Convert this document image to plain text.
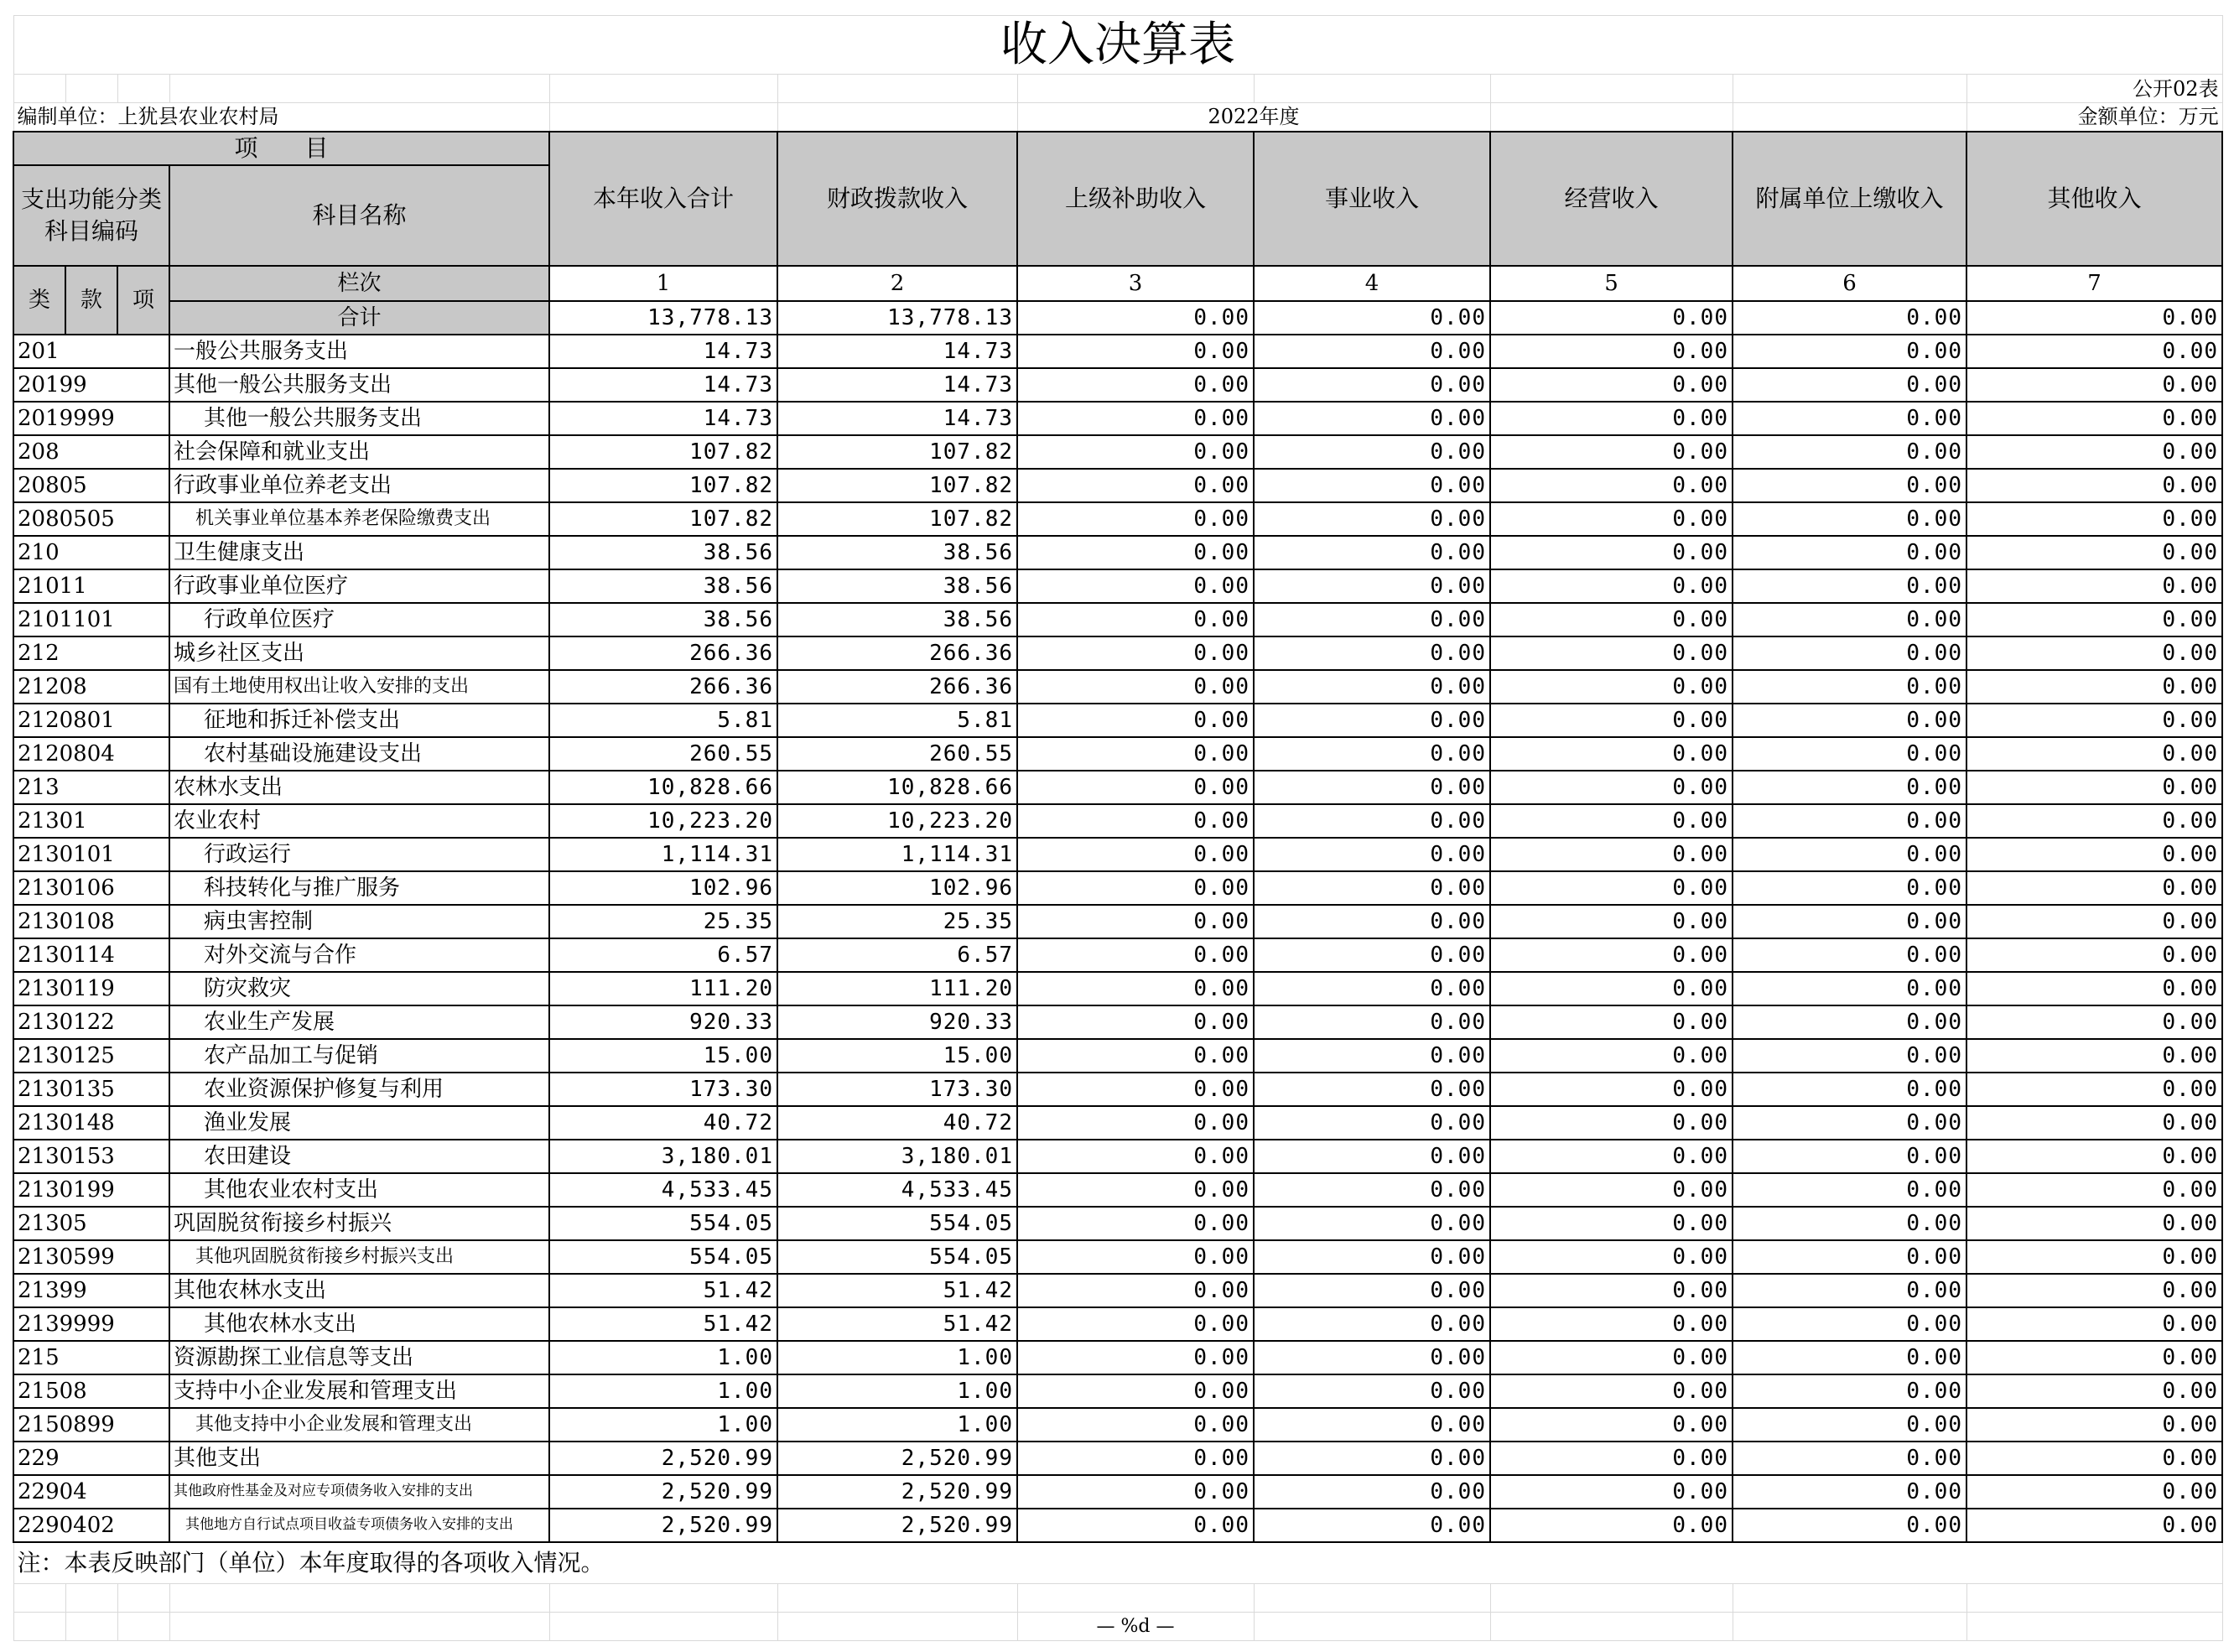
收入决算表										
										公开02表
编制单位：上犹县农业农村局						2022年度				金额单位：万元
项　　目				本年收入合计	财政拨款收入	上级补助收入	事业收入	经营收入	附属单位上缴收入	其他收入
支出功能分类科目编码			科目名称							
类	款	项	栏次	1	2	3	4	5	6	7
			合计	13,778.13	13,778.13	0.00	0.00	0.00	0.00	0.00
201			一般公共服务支出	14.73	14.73	0.00	0.00	0.00	0.00	0.00
20199			其他一般公共服务支出	14.73	14.73	0.00	0.00	0.00	0.00	0.00
2019999			其他一般公共服务支出	14.73	14.73	0.00	0.00	0.00	0.00	0.00
208			社会保障和就业支出	107.82	107.82	0.00	0.00	0.00	0.00	0.00
20805			行政事业单位养老支出	107.82	107.82	0.00	0.00	0.00	0.00	0.00
2080505			机关事业单位基本养老保险缴费支出	107.82	107.82	0.00	0.00	0.00	0.00	0.00
210			卫生健康支出	38.56	38.56	0.00	0.00	0.00	0.00	0.00
21011			行政事业单位医疗	38.56	38.56	0.00	0.00	0.00	0.00	0.00
2101101			行政单位医疗	38.56	38.56	0.00	0.00	0.00	0.00	0.00
212			城乡社区支出	266.36	266.36	0.00	0.00	0.00	0.00	0.00
21208			国有土地使用权出让收入安排的支出	266.36	266.36	0.00	0.00	0.00	0.00	0.00
2120801			征地和拆迁补偿支出	5.81	5.81	0.00	0.00	0.00	0.00	0.00
2120804			农村基础设施建设支出	260.55	260.55	0.00	0.00	0.00	0.00	0.00
213			农林水支出	10,828.66	10,828.66	0.00	0.00	0.00	0.00	0.00
21301			农业农村	10,223.20	10,223.20	0.00	0.00	0.00	0.00	0.00
2130101			行政运行	1,114.31	1,114.31	0.00	0.00	0.00	0.00	0.00
2130106			科技转化与推广服务	102.96	102.96	0.00	0.00	0.00	0.00	0.00
2130108			病虫害控制	25.35	25.35	0.00	0.00	0.00	0.00	0.00
2130114			对外交流与合作	6.57	6.57	0.00	0.00	0.00	0.00	0.00
2130119			防灾救灾	111.20	111.20	0.00	0.00	0.00	0.00	0.00
2130122			农业生产发展	920.33	920.33	0.00	0.00	0.00	0.00	0.00
2130125			农产品加工与促销	15.00	15.00	0.00	0.00	0.00	0.00	0.00
2130135			农业资源保护修复与利用	173.30	173.30	0.00	0.00	0.00	0.00	0.00
2130148			渔业发展	40.72	40.72	0.00	0.00	0.00	0.00	0.00
2130153			农田建设	3,180.01	3,180.01	0.00	0.00	0.00	0.00	0.00
2130199			其他农业农村支出	4,533.45	4,533.45	0.00	0.00	0.00	0.00	0.00
21305			巩固脱贫衔接乡村振兴	554.05	554.05	0.00	0.00	0.00	0.00	0.00
2130599			其他巩固脱贫衔接乡村振兴支出	554.05	554.05	0.00	0.00	0.00	0.00	0.00
21399			其他农林水支出	51.42	51.42	0.00	0.00	0.00	0.00	0.00
2139999			其他农林水支出	51.42	51.42	0.00	0.00	0.00	0.00	0.00
215			资源勘探工业信息等支出	1.00	1.00	0.00	0.00	0.00	0.00	0.00
21508			支持中小企业发展和管理支出	1.00	1.00	0.00	0.00	0.00	0.00	0.00
2150899			其他支持中小企业发展和管理支出	1.00	1.00	0.00	0.00	0.00	0.00	0.00
229			其他支出	2,520.99	2,520.99	0.00	0.00	0.00	0.00	0.00
22904			其他政府性基金及对应专项债务收入安排的支出	2,520.99	2,520.99	0.00	0.00	0.00	0.00	0.00
2290402			其他地方自行试点项目收益专项债务收入安排的支出	2,520.99	2,520.99	0.00	0.00	0.00	0.00	0.00
注：本表反映部门（单位）本年度取得的各项收入情况。										

						— %d —				
